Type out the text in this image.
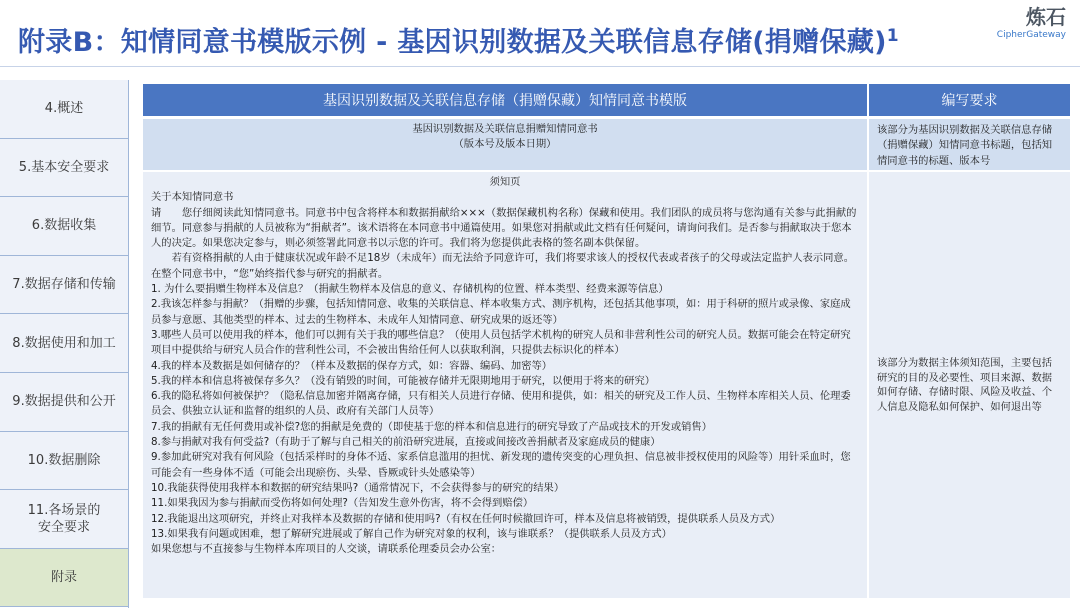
附录B：知情同意书模版示例 - 基因识别数据及关联信息存储(捐赠保藏)$^1$
炼石
CipherGateway
4.概述
5.基本安全要求
6.数据收集
7.数据存储和传输
8.数据使用和加工
9.数据提供和公开
10.数据删除
11.各场景的
安全要求
附录
基因识别数据及关联信息存储（捐赠保藏）知情同意书模版	编写要求

基因识别数据及关联信息捐赠知情同意书

（版本号及版本日期）

该部分为基因识别数据及关联信息存储（捐赠保藏）知情同意书标题，包括知情同意书的标题、版本号

须知页

关于本知情同意书

请　　您仔细阅读此知情同意书。同意书中包含将样本和数据捐献给×××（数据保藏机构名称）保藏和使用。我们团队的成员将与您沟通有关参与此捐献的细节。同意参与捐献的人员被称为“捐献者”。该术语将在本同意书中通篇使用。如果您对捐献或此文档有任何疑问，请询问我们。是否参与捐献取决于您本人的决定。如果您决定参与，则必须签署此同意书以示您的许可。我们将为您提供此表格的签名副本供保留。

　　若有资格捐献的人由于健康状况或年龄不足18岁（未成年）而无法给予同意许可，我们将要求该人的授权代表或者孩子的父母或法定监护人表示同意。在整个同意书中，“您”始终指代参与研究的捐献者。

1. 为什么要捐赠生物样本及信息？（捐献生物样本及信息的意义、存储机构的位置、样本类型、经费来源等信息）

2.我该怎样参与捐献？（捐赠的步骤，包括知情同意、收集的关联信息、样本收集方式、测序机构，还包括其他事项，如：用于科研的照片或录像、家庭成员参与意愿、其他类型的样本、过去的生物样本、未成年人知情同意、研究成果的返还等）

3.哪些人员可以使用我的样本，他们可以拥有关于我的哪些信息？（使用人员包括学术机构的研究人员和非营利性公司的研究人员。数据可能会在特定研究项目中提供给与研究人员合作的营利性公司，不会被出售给任何人以获取利润，只提供去标识化的样本）

4.我的样本及数据是如何储存的？（样本及数据的保存方式，如：容器、编码、加密等）

5.我的样本和信息将被保存多久？（没有销毁的时间，可能被存储并无限期地用于研究，以便用于将来的研究）

6.我的隐私将如何被保护？（隐私信息加密并隔离存储，只有相关人员进行存储、使用和提供，如：相关的研究及工作人员、生物样本库相关人员、伦理委员会、供独立认证和监督的组织的人员、政府有关部门人员等）

7.我的捐献有无任何费用或补偿?您的捐献是免费的（即使基于您的样本和信息进行的研究导致了产品或技术的开发或销售）

8.参与捐献对我有何受益?（有助于了解与自己相关的前沿研究进展，直接或间接改善捐献者及家庭成员的健康）

9.参加此研究对我有何风险（包括采样时的身体不适、家系信息滥用的担忧、新发现的遗传突变的心理负担、信息被非授权使用的风险等）用针采血时，您可能会有一些身体不适（可能会出现瘀伤、头晕、昏厥或针头处感染等）

10.我能获得使用我样本和数据的研究结果吗?（通常情况下，不会获得参与的研究的结果）

11.如果我因为参与捐献而受伤将如何处理?（告知发生意外伤害，将不会得到赔偿）

12.我能退出这项研究，并终止对我样本及数据的存储和使用吗?（有权在任何时候撤回许可，样本及信息将被销毁，提供联系人员及方式）

13.如果我有问题或困难，想了解研究进展或了解自己作为研究对象的权利，该与谁联系？（提供联系人员及方式）

如果您想与不直接参与生物样本库项目的人交谈，请联系伦理委员会办公室：

该部分为数据主体须知范围，主要包括研究的目的及必要性、项目来源、数据如何存储、存储时限、风险及收益、个人信息及隐私如何保护、如何退出等
